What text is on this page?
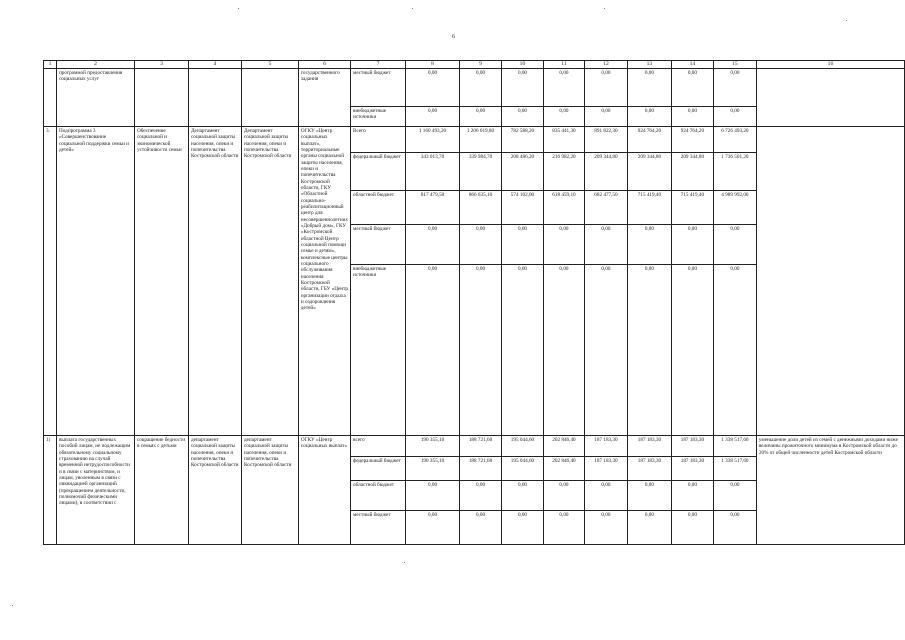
6
1	2	3	4	5	6	7	8	9	10	11	12	13	14	15	16
	программой предоставления социальных услуг				государственного задания	местный бюджет	0,00	0,00	0,00	0,00	0,00	0,00	0,00	0,00	
						внебюджетные источники	0,00	0,00	0,00	0,00	0,00	0,00	0,00	0,00	
3.	Подпрограмма 3 «Совершенствование социальной поддержки семьи и детей»	Обеспечение социальной и экономической устойчивости семьи	Департамент социальной защиты населения, опеки и попечительства Костромской области	Департамент социальной защиты населения, опеки и попечительства Костромской области	ОГКУ «Центр социальных выплат», территориальные органы социальной защиты населения, опеки и попечительства Костромской области, ГКУ «Областной социально-реабилитационный центр для несовершеннолетних «Добрый дом», ГКУ «Костромской областной Центр социальной помощи семье и детям», комплексные центры социального обслуживания населения Костромской области, ГБУ «Центр организации отдыха и оздоровления детей»	Всего	1 160 493,20	1 206 619,80	782 588,20	835 441,30	891 822,30	924 764,20	924 764,20	6 726 493,20	
						федеральный бюджет	343 013,70	339 984,70	208 486,20	216 982,20	209 344,80	209 344,80	209 344,80	1 736 501,20	
						областной бюджет	817 479,50	866 635,10	574 102,00	618 459,10	682 477,50	715 419,40	715 419,40	4 989 992,00	
						местный бюджет	0,00	0,00	0,00	0,00	0,00	0,00	0,00	0,00	
						внебюджетные источники	0,00	0,00	0,00	0,00	0,00	0,00	0,00	0,00	
1)	выплата государственных пособий лицам, не подлежащим обязательному социальному страхованию на случай временной нетрудоспособности и в связи с материнством, и лицам, уволенным в связи с ликвидацией организаций (прекращением деятельности, полномочий физическими лицами), в соответствии с	сокращение бедности в семьях с детьми	департамент социальной защиты населения, опеки и попечительства Костромской области	департамент социальной защиты населения, опеки и попечительства Костромской области	ОГКУ «Центр социальных выплат»	всего	190 355,10	188 721,60	195 044,60	202 846,40	187 183,30	187 183,30	187 183,30	1 338 517,60	уменьшение доли детей из семей с денежными доходами ниже величины прожиточного минимума в Костромской области до 20% от общей численности детей Костромской области
						федеральный бюджет	190 355,10	188 721,60	195 044,60	202 846,40	187 183,30	187 183,30	187 183,30	1 338 517,60	
						областной бюджет	0,00	0,00	0,00	0,00	0,00	0,00	0,00	0,00	
						местный бюджет	0,00	0,00	0,00	0,00	0,00	0,00	0,00	0,00	
